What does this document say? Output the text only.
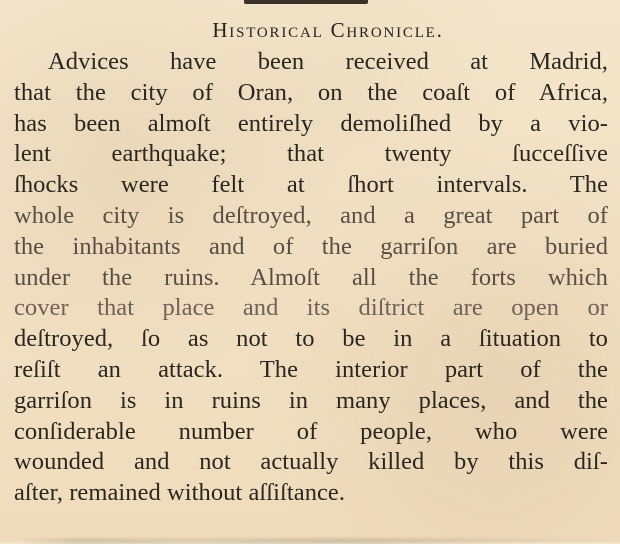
Historical Chronicle.
Advices have been received at Madrid,
that the city of Oran, on the coaſt of Africa,
has been almoſt entirely demoliſhed by a vio-
lent earthquake; that twenty ſucceſſive
ſhocks were felt at ſhort intervals. The
whole city is deſtroyed, and a great part of
the inhabitants and of the garriſon are buried
under the ruins. Almoſt all the forts which
cover that place and its diſtrict are open or
deſtroyed, ſo as not to be in a ſituation to
reſiſt an attack. The interior part of the
garriſon is in ruins in many places, and the
conſiderable number of people, who were
wounded and not actually killed by this diſ-
aſter, remained without aſſiſtance.
